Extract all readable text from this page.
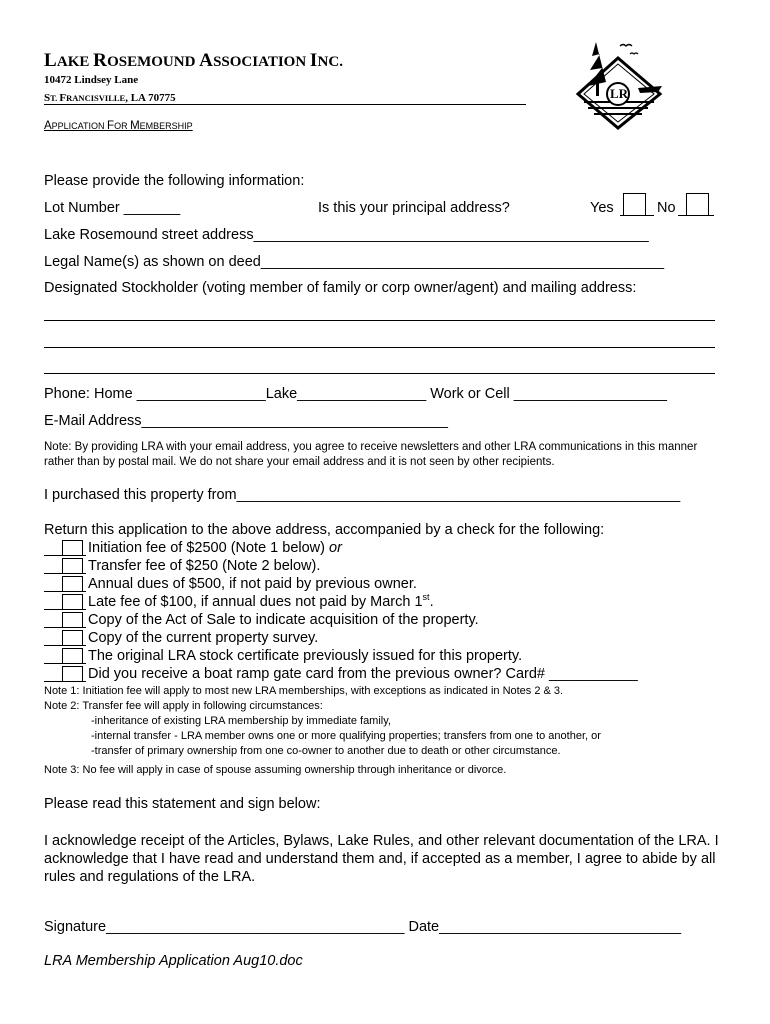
LAKE ROSEMOUND ASSOCIATION INC.
10472 Lindsey Lane
ST. FRANCISVILLE, LA 70775
APPLICATION FOR MEMBERSHIP
LR
Please provide the following information:
Lot Number _______	Is this your principal address?	Yes	No
Lake Rosemound street address_________________________________________________
Legal Name(s) as shown on deed__________________________________________________
Designated Stockholder (voting member of family or corp owner/agent) and mailing address:
Phone: Home ________________Lake________________ Work or Cell ___________________
E-Mail Address______________________________________
Note: By providing LRA with your email address, you agree to receive newsletters and other LRA communications in this manner rather than by postal mail. We do not share your email address and it is not seen by other recipients.
I purchased this property from_______________________________________________________
Return this application to the above address, accompanied by a check for the following:
Initiation fee of $2500 (Note 1 below) or
Transfer fee of $250 (Note 2 below).
Annual dues of $500, if not paid by previous owner.
Late fee of $100, if annual dues not paid by March 1st.
Copy of the Act of Sale to indicate acquisition of the property.
Copy of the current property survey.
The original LRA stock certificate previously issued for this property.
Did you receive a boat ramp gate card from the previous owner? Card# ___________
Note 1: Initiation fee will apply to most new LRA memberships, with exceptions as indicated in Notes 2 & 3.
Note 2: Transfer fee will apply in following circumstances:
-inheritance of existing LRA membership by immediate family,
-internal transfer - LRA member owns one or more qualifying properties; transfers from one to another, or
-transfer of primary ownership from one co-owner to another due to death or other circumstance.
Note 3: No fee will apply in case of spouse assuming ownership through inheritance or divorce.
Please read this statement and sign below:
I acknowledge receipt of the Articles, Bylaws, Lake Rules, and other relevant documentation of the LRA. I acknowledge that I have read and understand them and, if accepted as a member, I agree to abide by all rules and regulations of the LRA.
Signature_____________________________________ Date______________________________
LRA Membership Application Aug10.doc
